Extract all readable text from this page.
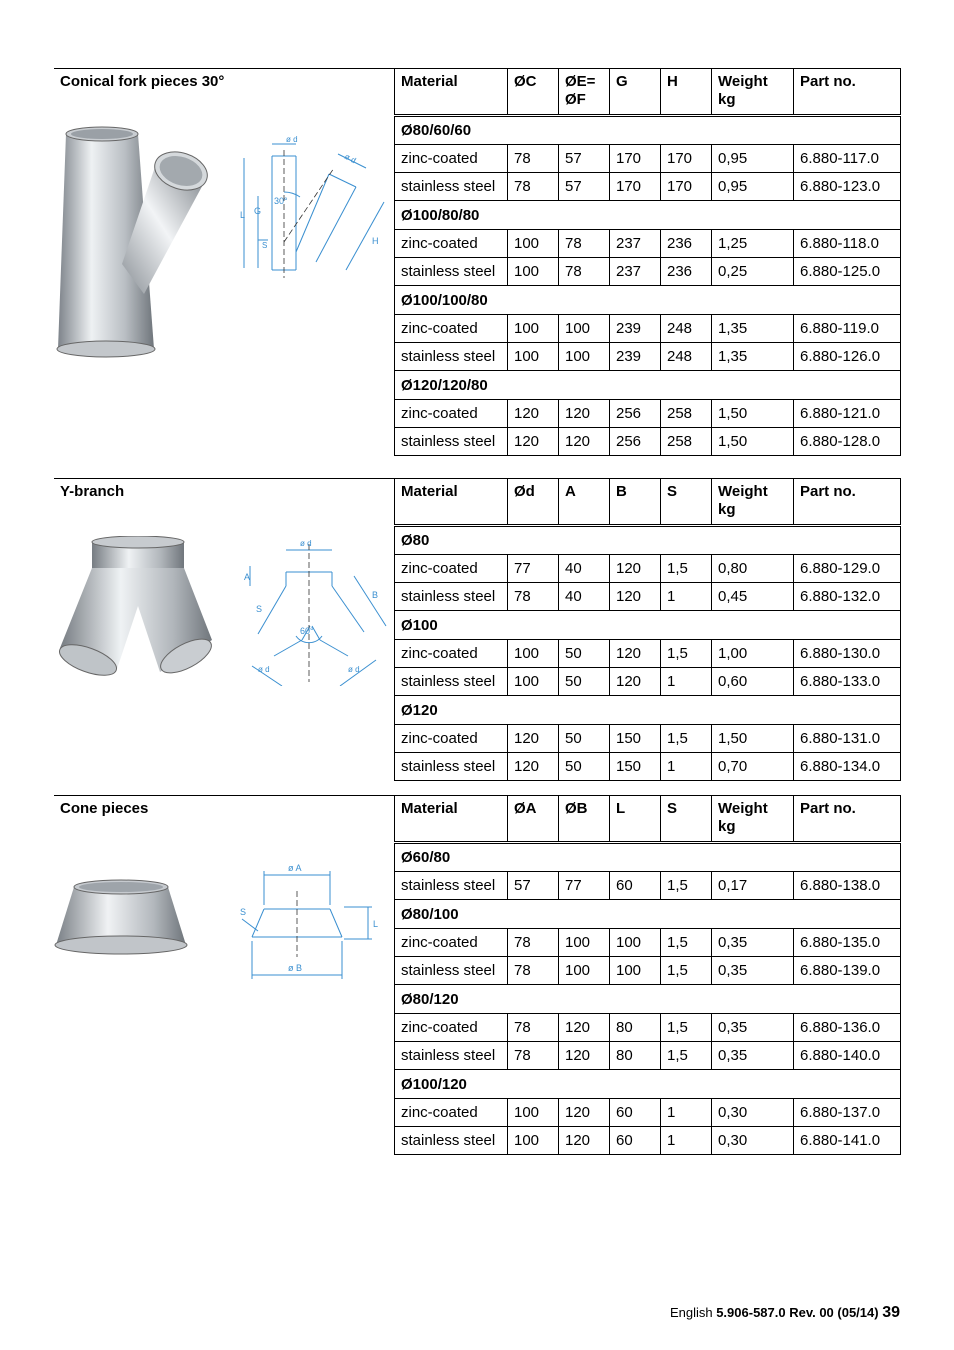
Conical fork pieces 30°
ø d
ø d
30°
L G
S	H
Material	ØC	ØE= ØF	G	H	Weight kg	Part no.
Ø80/60/60						
zinc-coated	78	57	170	170	0,95	6.880-117.0
stainless steel	78	57	170	170	0,95	6.880-123.0
Ø100/80/80						
zinc-coated	100	78	237	236	1,25	6.880-118.0
stainless steel	100	78	237	236	0,25	6.880-125.0
Ø100/100/80						
zinc-coated	100	100	239	248	1,35	6.880-119.0
stainless steel	100	100	239	248	1,35	6.880-126.0
Ø120/120/80						
zinc-coated	120	120	256	258	1,50	6.880-121.0
stainless steel	120	120	256	258	1,50	6.880-128.0
Y-branch
ø d
A
B
S
60°
ø d	ø d
Material	Ød	A	B	S	Weight kg	Part no.
Ø80						
zinc-coated	77	40	120	1,5	0,80	6.880-129.0
stainless steel	78	40	120	1	0,45	6.880-132.0
Ø100						
zinc-coated	100	50	120	1,5	1,00	6.880-130.0
stainless steel	100	50	120	1	0,60	6.880-133.0
Ø120						
zinc-coated	120	50	150	1,5	1,50	6.880-131.0
stainless steel	120	50	150	1	0,70	6.880-134.0
Cone pieces
ø A
ø B
S
L
Material	ØA	ØB	L	S	Weight kg	Part no.
Ø60/80						
stainless steel	57	77	60	1,5	0,17	6.880-138.0
Ø80/100						
zinc-coated	78	100	100	1,5	0,35	6.880-135.0
stainless steel	78	100	100	1,5	0,35	6.880-139.0
Ø80/120						
zinc-coated	78	120	80	1,5	0,35	6.880-136.0
stainless steel	78	120	80	1,5	0,35	6.880-140.0
Ø100/120						
zinc-coated	100	120	60	1	0,30	6.880-137.0
stainless steel	100	120	60	1	0,30	6.880-141.0
English 5.906-587.0 Rev. 00 (05/14) 39
